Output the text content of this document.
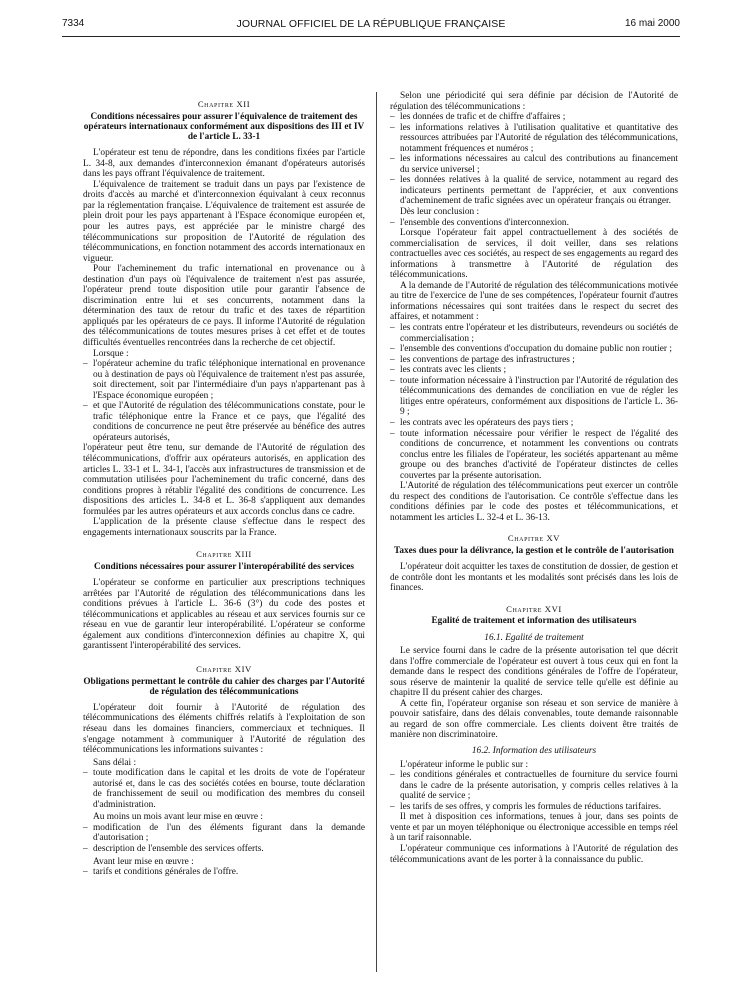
7334	JOURNAL OFFICIEL DE LA RÉPUBLIQUE FRANÇAISE	16 mai 2000
Chapitre XII
Conditions nécessaires pour assurer l'équivalence de traitement des opérateurs internationaux conformément aux dispositions des III et IV de l'article L. 33-1

L'opérateur est tenu de répondre, dans les conditions fixées par l'article L. 34-8, aux demandes d'interconnexion émanant d'opérateurs autorisés dans les pays offrant l'équivalence de traitement.

L'équivalence de traitement se traduit dans un pays par l'existence de droits d'accès au marché et d'interconnexion équivalant à ceux reconnus par la réglementation française. L'équivalence de traitement est assurée de plein droit pour les pays appartenant à l'Espace économique européen et, pour les autres pays, est appréciée par le ministre chargé des télécommunications sur proposition de l'Autorité de régulation des télécommunications, en fonction notamment des accords internationaux en vigueur.

Pour l'acheminement du trafic international en provenance ou à destination d'un pays où l'équivalence de traitement n'est pas assurée, l'opérateur prend toute disposition utile pour garantir l'absence de discrimination entre lui et ses concurrents, notamment dans la détermination des taux de retour du trafic et des taxes de répartition appliqués par les opérateurs de ce pays. Il informe l'Autorité de régulation des télécommunications de toutes mesures prises à cet effet et de toutes difficultés éventuelles rencontrées dans la recherche de cet objectif.

Lorsque :

– l'opérateur achemine du trafic téléphonique international en provenance ou à destination de pays où l'équivalence de traitement n'est pas assurée, soit directement, soit par l'intermédiaire d'un pays n'appartenant pas à l'Espace économique européen ;
– et que l'Autorité de régulation des télécommunications constate, pour le trafic téléphonique entre la France et ce pays, que l'égalité des conditions de concurrence ne peut être préservée au bénéfice des autres opérateurs autorisés,

l'opérateur peut être tenu, sur demande de l'Autorité de régulation des télécommunications, d'offrir aux opérateurs autorisés, en application des articles L. 33-1 et L. 34-1, l'accès aux infrastructures de transmission et de commutation utilisées pour l'acheminement du trafic concerné, dans des conditions propres à rétablir l'égalité des conditions de concurrence. Les dispositions des articles L. 34-8 et L. 36-8 s'appliquent aux demandes formulées par les autres opérateurs et aux accords conclus dans ce cadre.

L'application de la présente clause s'effectue dans le respect des engagements internationaux souscrits par la France.

Chapitre XIII
Conditions nécessaires pour assurer l'interopérabilité des services

L'opérateur se conforme en particulier aux prescriptions techniques arrêtées par l'Autorité de régulation des télécommunications dans les conditions prévues à l'article L. 36-6 (3°) du code des postes et télécommunications et applicables au réseau et aux services fournis sur ce réseau en vue de garantir leur interopérabilité. L'opérateur se conforme également aux conditions d'interconnexion définies au chapitre X, qui garantissent l'interopérabilité des services.

Chapitre XIV
Obligations permettant le contrôle du cahier des charges par l'Autorité de régulation des télécommunications

L'opérateur doit fournir à l'Autorité de régulation des télécommunications des éléments chiffrés relatifs à l'exploitation de son réseau dans les domaines financiers, commerciaux et techniques. Il s'engage notamment à communiquer à l'Autorité de régulation des télécommunications les informations suivantes :

Sans délai :

– toute modification dans le capital et les droits de vote de l'opérateur autorisé et, dans le cas des sociétés cotées en bourse, toute déclaration de franchissement de seuil ou modification des membres du conseil d'administration.

Au moins un mois avant leur mise en œuvre :

– modification de l'un des éléments figurant dans la demande d'autorisation ;
– description de l'ensemble des services offerts.

Avant leur mise en œuvre :

– tarifs et conditions générales de l'offre.

Selon une périodicité qui sera définie par décision de l'Autorité de régulation des télécommunications :

– les données de trafic et de chiffre d'affaires ;
– les informations relatives à l'utilisation qualitative et quantitative des ressources attribuées par l'Autorité de régulation des télécommunications, notamment fréquences et numéros ;
– les informations nécessaires au calcul des contributions au financement du service universel ;
– les données relatives à la qualité de service, notamment au regard des indicateurs pertinents permettant de l'apprécier, et aux conventions d'acheminement de trafic signées avec un opérateur français ou étranger.

Dès leur conclusion :

– l'ensemble des conventions d'interconnexion.

Lorsque l'opérateur fait appel contractuellement à des sociétés de commercialisation de services, il doit veiller, dans ses relations contractuelles avec ces sociétés, au respect de ses engagements au regard des informations à transmettre à l'Autorité de régulation des télécommunications.

A la demande de l'Autorité de régulation des télécommunications motivée au titre de l'exercice de l'une de ses compétences, l'opérateur fournit d'autres informations nécessaires qui sont traitées dans le respect du secret des affaires, et notamment :

– les contrats entre l'opérateur et les distributeurs, revendeurs ou sociétés de commercialisation ;
– l'ensemble des conventions d'occupation du domaine public non routier ;
– les conventions de partage des infrastructures ;
– les contrats avec les clients ;
– toute information nécessaire à l'instruction par l'Autorité de régulation des télécommunications des demandes de conciliation en vue de régler les litiges entre opérateurs, conformément aux dispositions de l'article L. 36-9 ;
– les contrats avec les opérateurs des pays tiers ;
– toute information nécessaire pour vérifier le respect de l'égalité des conditions de concurrence, et notamment les conventions ou contrats conclus entre les filiales de l'opérateur, les sociétés appartenant au même groupe ou des branches d'activité de l'opérateur distinctes de celles couvertes par la présente autorisation.

L'Autorité de régulation des télécommunications peut exercer un contrôle du respect des conditions de l'autorisation. Ce contrôle s'effectue dans les conditions définies par le code des postes et télécommunications, et notamment les articles L. 32-4 et L. 36-13.

Chapitre XV
Taxes dues pour la délivrance, la gestion et le contrôle de l'autorisation

L'opérateur doit acquitter les taxes de constitution de dossier, de gestion et de contrôle dont les montants et les modalités sont précisés dans les lois de finances.

Chapitre XVI
Egalité de traitement et information des utilisateurs
16.1. Egalité de traitement

Le service fourni dans le cadre de la présente autorisation tel que décrit dans l'offre commerciale de l'opérateur est ouvert à tous ceux qui en font la demande dans le respect des conditions générales de l'offre de l'opérateur, sous réserve de maintenir la qualité de service telle qu'elle est définie au chapitre II du présent cahier des charges.

A cette fin, l'opérateur organise son réseau et son service de manière à pouvoir satisfaire, dans des délais convenables, toute demande raisonnable au regard de son offre commerciale. Les clients doivent être traités de manière non discriminatoire.

16.2. Information des utilisateurs

L'opérateur informe le public sur :

– les conditions générales et contractuelles de fourniture du service fourni dans le cadre de la présente autorisation, y compris celles relatives à la qualité de service ;
– les tarifs de ses offres, y compris les formules de réductions tarifaires.

Il met à disposition ces informations, tenues à jour, dans ses points de vente et par un moyen téléphonique ou électronique accessible en temps réel à un tarif raisonnable.

L'opérateur communique ces informations à l'Autorité de régulation des télécommunications avant de les porter à la connaissance du public.
